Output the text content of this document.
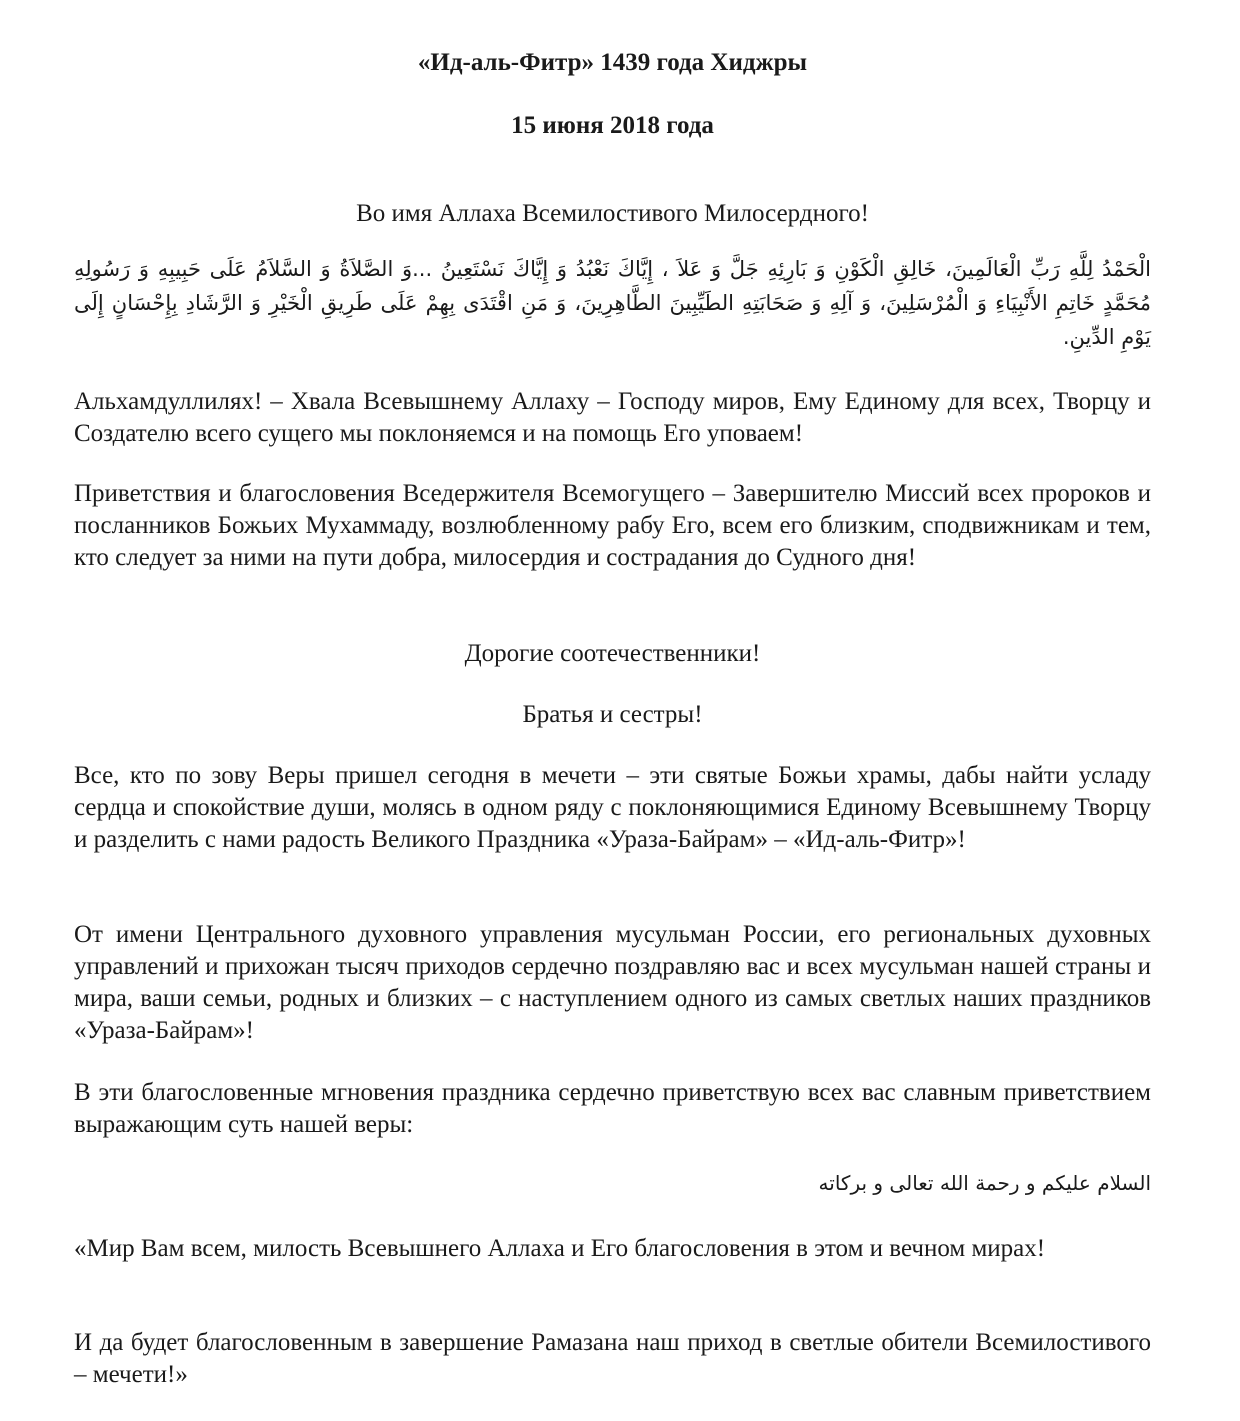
«Ид-аль-Фитр» 1439 года Хиджры

15 июня 2018 года

Во имя Аллаха Всемилостивого Милосердного!

الْحَمْدُ لِلَّهِ رَبِّ الْعَالَمِينَ، خَالِقِ الْكَوْنِ وَ بَارِئِهِ جَلَّ وَ عَلاَ ، إِيَّاكَ نَعْبُدُ وَ إِيَّاكَ نَسْتَعِينُ ...وَ الصَّلاَةُ وَ السَّلاَمُ عَلَى حَبِيبِهِ وَ رَسُولِهِ مُحَمَّدٍ خَاتِمِ الأَنْبِيَاءِ وَ الْمُرْسَلِينَ، وَ آلِهِ وَ صَحَابَتِهِ الطَيِّبِينَ الطَّاهِرِينَ، وَ مَنِ اقْتَدَى بِهِمْ عَلَى طَرِيقِ الْخَيْرِ وَ الرَّشَادِ بِإِحْسَانٍ إِلَى يَوْمِ الدِّينِ.

Альхамдуллилях! – Хвала Всевышнему Аллаху – Господу миров, Ему Единому для всех, Творцу и Создателю всего сущего мы поклоняемся и на помощь Его уповаем!

Приветствия и благословения Вседержителя Всемогущего – Завершителю Миссий всех пророков и посланников Божьих Мухаммаду, возлюбленному рабу Его, всем его близким, сподвижникам и тем, кто следует за ними на пути добра, милосердия и сострадания до Судного дня!

Дорогие соотечественники!

Братья и сестры!

Все, кто по зову Веры пришел сегодня в мечети – эти святые Божьи храмы, дабы найти усладу сердца и спокойствие души, молясь в одном ряду с поклоняющимися Единому Всевышнему Творцу и разделить с нами радость Великого Праздника «Ураза-Байрам» – «Ид-аль-Фитр»!

От имени Центрального духовного управления мусульман России, его региональных духовных управлений и прихожан тысяч приходов сердечно поздравляю вас и всех мусульман нашей страны и мира, ваши семьи, родных и близких – с наступлением одного из самых светлых наших праздников «Ураза-Байрам»!

В эти благословенные мгновения праздника сердечно приветствую всех вас славным приветствием выражающим суть нашей веры:

السلام عليكم و رحمة الله تعالى و بركاته

«Мир Вам всем, милость Всевышнего Аллаха и Его благословения в этом и вечном мирах!

И да будет благословенным в завершение Рамазана наш приход в светлые обители Всемилостивого – мечети!»
